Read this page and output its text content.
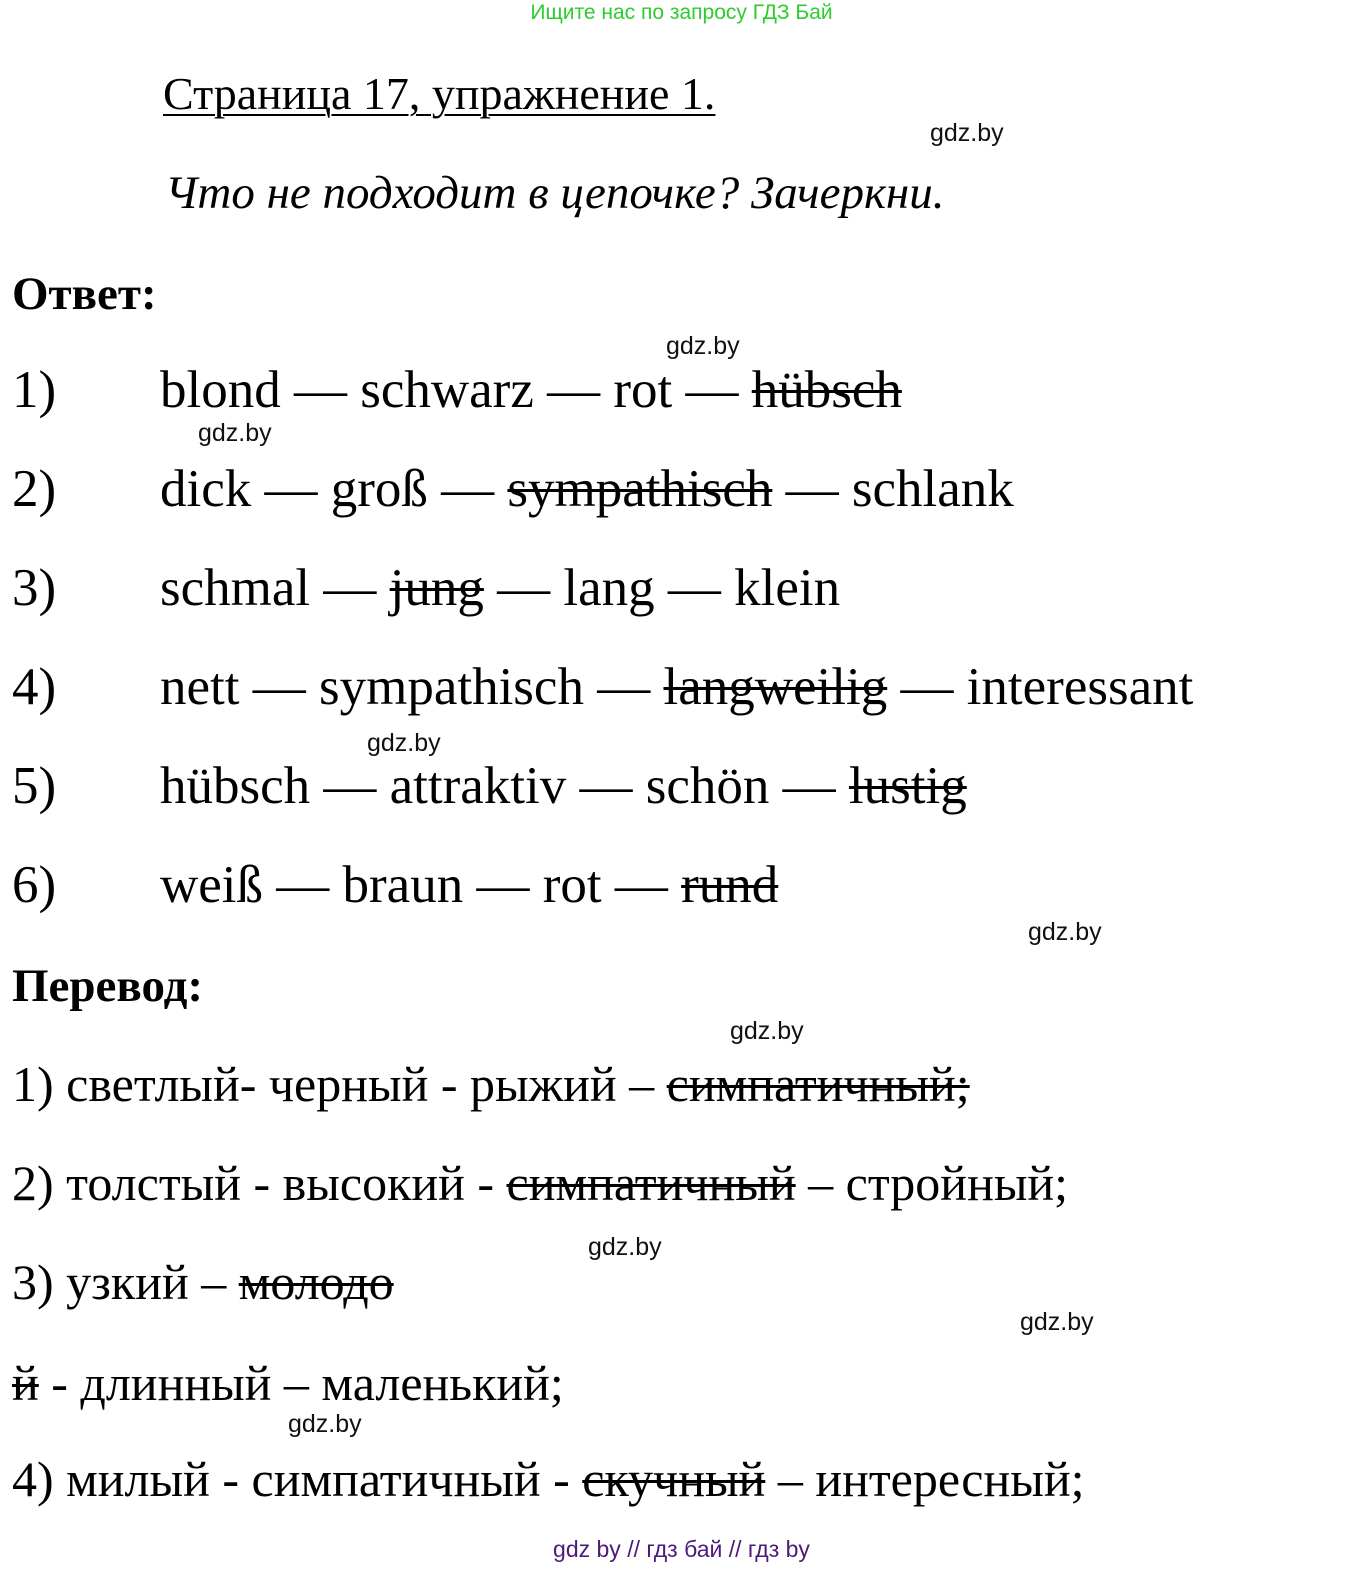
Ищите нас по запросу ГДЗ Бай
Страница 17, упражнение 1.
gdz.by
Что не подходит в цепочке? Зачеркни.
Ответ:
gdz.by
gdz.by
gdz.by
gdz.by
1) blond — schwarz — rot — hübsch
2) dick — groß — sympathisch — schlank
3) schmal — jung — lang — klein
4) nett — sympathisch — langweilig — interessant
5) hübsch — attraktiv — schön — lustig
6) weiß — braun — rot — rund
Перевод:
gdz.by
gdz.by
gdz.by
gdz.by
1) светлый- черный - рыжий – симпатичный;
2) толстый - высокий - симпатичный – стройный;
3) узкий – молодо
й - длинный – маленький;
4) милый - симпатичный - скучный – интересный;
gdz by // гдз бай // гдз by
